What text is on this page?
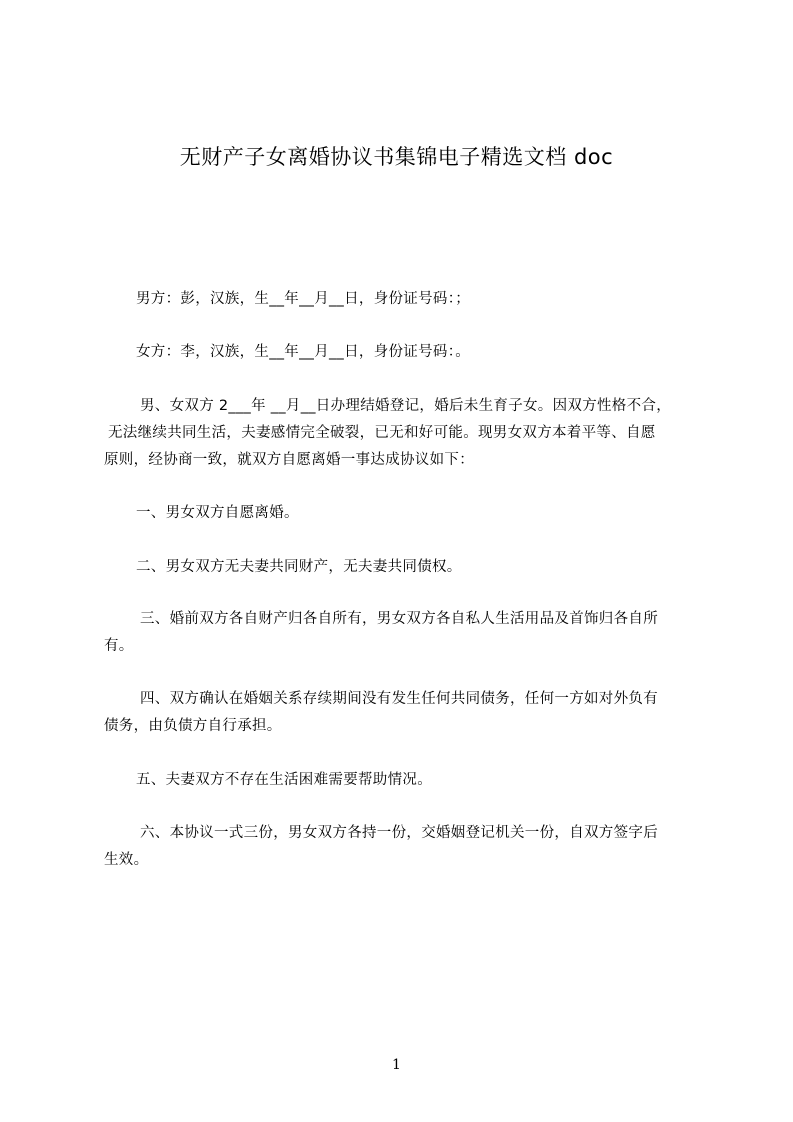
无财产子女离婚协议书集锦电子精选文档 doc
男方：彭，汉族，生__年__月__日，身份证号码：；
女方：李，汉族，生__年__月__日，身份证号码：。
男、女双方 2___年 __月__日办理结婚登记，婚后未生育子女。因双方性格不合，
无法继续共同生活，夫妻感情完全破裂，已无和好可能。现男女双方本着平等、自愿
原则，经协商一致，就双方自愿离婚一事达成协议如下：
一、男女双方自愿离婚。
二、男女双方无夫妻共同财产，无夫妻共同债权。
三、婚前双方各自财产归各自所有，男女双方各自私人生活用品及首饰归各自所
有。
四、双方确认在婚姻关系存续期间没有发生任何共同债务，任何一方如对外负有
债务，由负债方自行承担。
五、夫妻双方不存在生活困难需要帮助情况。
六、本协议一式三份，男女双方各持一份，交婚姻登记机关一份，自双方签字后
生效。
1
